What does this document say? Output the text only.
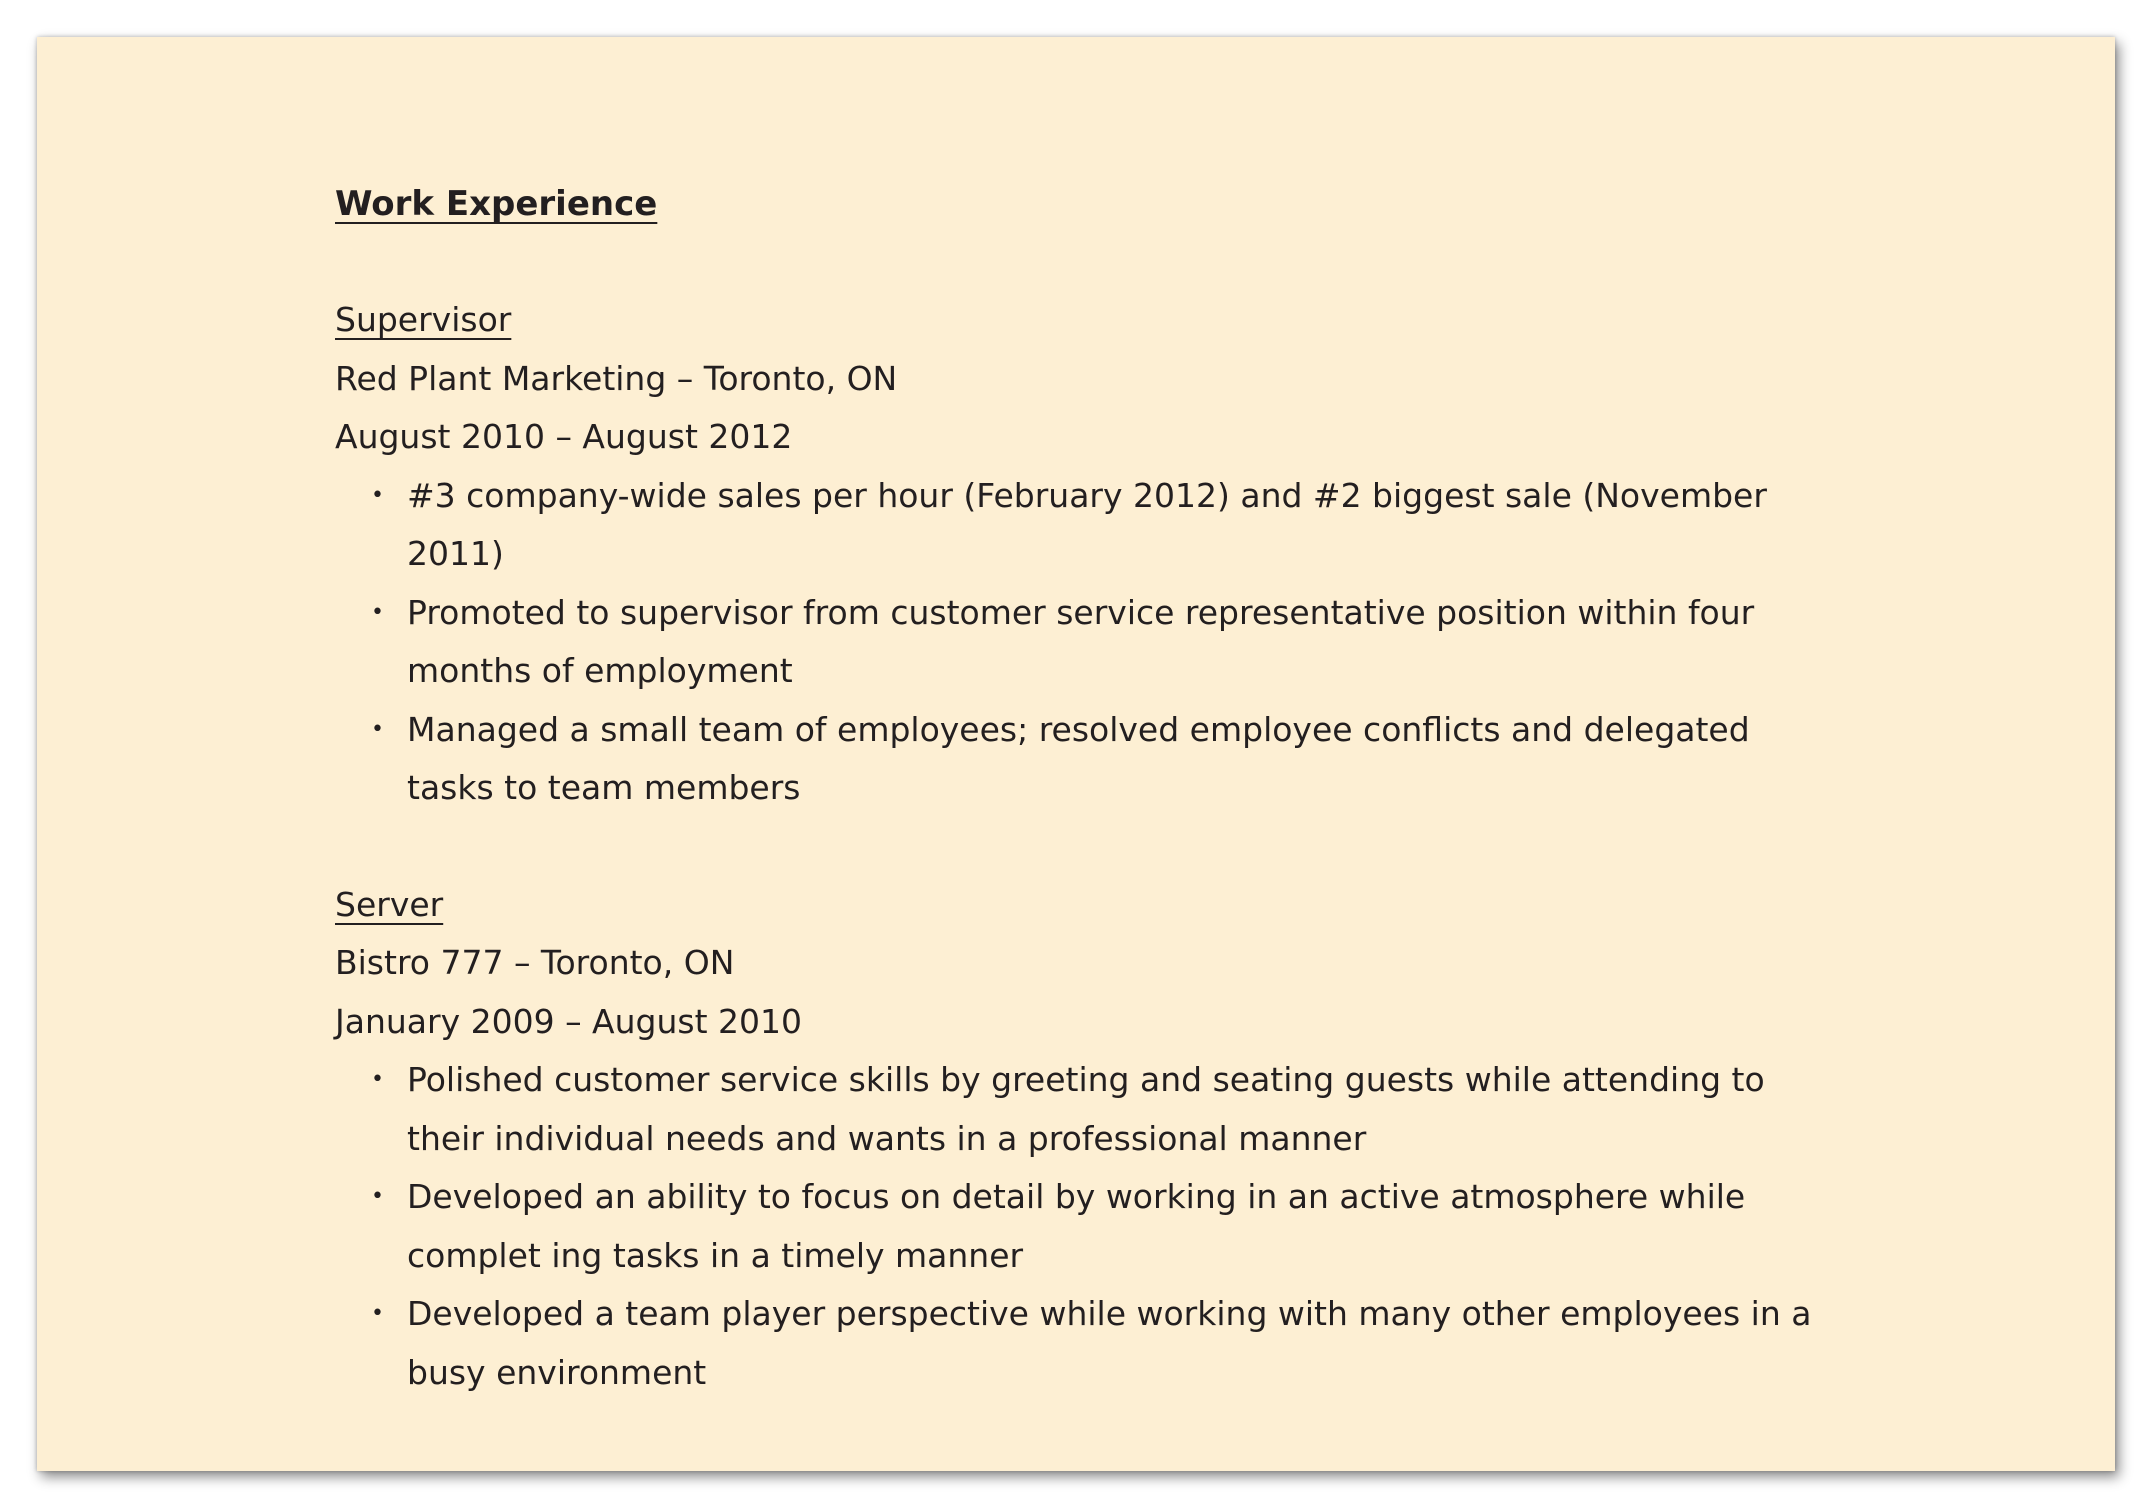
Work Experience
Supervisor
Red Plant Marketing – Toronto, ON
August 2010 – August 2012
• #3 company-wide sales per hour (February 2012) and #2 biggest sale (November 2011)
• Promoted to supervisor from customer service representative position within four months of employment
• Managed a small team of employees; resolved employee conflicts and delegated tasks to team members
Server
Bistro 777 – Toronto, ON
January 2009 – August 2010
• Polished customer service skills by greeting and seating guests while attending to their individual needs and wants in a professional manner
• Developed an ability to focus on detail by working in an active atmosphere while complet ing tasks in a timely manner
• Developed a team player perspective while working with many other employees in a busy environment
